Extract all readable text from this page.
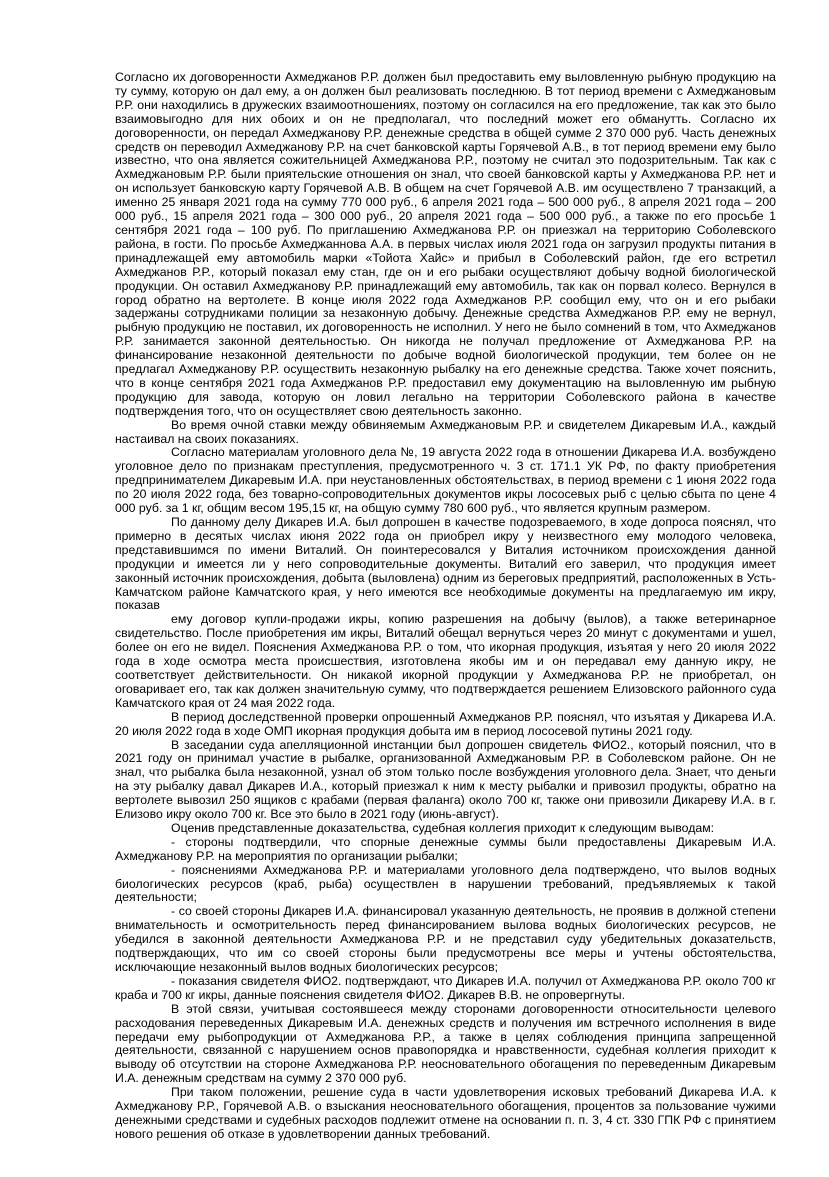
Согласно их договоренности Ахмеджанов Р.Р. должен был предоставить ему выловленную рыбную продукцию на ту сумму, которую он дал ему, а он должен был реализовать последнюю. В тот период времени с Ахмеджановым Р.Р. они находились в дружеских взаимоотношениях, поэтому он согласился на его предложение, так как это было взаимовыгодно для них обоих и он не предполагал, что последний может его обманутть. Согласно их договоренности, он передал Ахмеджанову Р.Р. денежные средства в общей сумме 2 370 000 руб. Часть денежных средств он переводил Ахмеджанову Р.Р. на счет банковской карты Горячевой А.В., в тот период времени ему было известно, что она является сожительницей Ахмеджанова Р.Р., поэтому не считал это подозрительным. Так как с Ахмеджановым Р.Р. были приятельские отношения он знал, что своей банковской карты у Ахмеджанова Р.Р. нет и он использует банковскую карту Горячевой А.В. В общем на счет Горячевой А.В. им осуществлено 7 транзакций, а именно 25 января 2021 года на сумму 770 000 руб., 6 апреля 2021 года – 500 000 руб., 8 апреля 2021 года – 200 000 руб., 15 апреля 2021 года – 300 000 руб., 20 апреля 2021 года – 500 000 руб., а также по его просьбе 1 сентября 2021 года – 100 руб. По приглашению Ахмеджанова Р.Р. он приезжал на территорию Соболевского района, в гости. По просьбе Ахмеджаннова А.А. в первых числах июля 2021 года он загрузил продукты питания в принадлежащей ему автомобиль марки «Тойота Хайс» и прибыл в Соболевский район, где его встретил Ахмеджанов Р.Р., который показал ему стан, где он и его рыбаки осуществляют добычу водной биологической продукции. Он оставил Ахмеджанову Р.Р. принадлежащий ему автомобиль, так как он порвал колесо. Вернулся в город обратно на вертолете. В конце июля 2022 года Ахмеджанов Р.Р. сообщил ему, что он и его рыбаки задержаны сотрудниками полиции за незаконную добычу. Денежные средства Ахмеджанов Р.Р. ему не вернул, рыбную продукцию не поставил, их договоренность не исполнил. У него не было сомнений в том, что Ахмеджанов Р.Р. занимается законной деятельностью. Он никогда не получал предложение от Ахмеджанова Р.Р. на финансирование незаконной деятельности по добыче водной биологической продукции, тем более он не предлагал Ахмеджанову Р.Р. осуществить незаконную рыбалку на его денежные средства. Также хочет пояснить, что в конце сентября 2021 года Ахмеджанов Р.Р. предоставил ему документацию на выловленную им рыбную продукцию для завода, которую он ловил легально на территории Соболевского района в качестве подтверждения того, что он осуществляет свою деятельность законно.

Во время очной ставки между обвиняемым Ахмеджановым Р.Р. и свидетелем Дикаревым И.А., каждый настаивал на своих показаниях.

Согласно материалам уголовного дела №, 19 августа 2022 года в отношении Дикарева И.А. возбуждено уголовное дело по признакам преступления, предусмотренного ч. 3 ст. 171.1 УК РФ, по факту приобретения предпринимателем Дикаревым И.А. при неустановленных обстоятельствах, в период времени с 1 июня 2022 года по 20 июля 2022 года, без товарно-сопроводительных документов икры лососевых рыб с целью сбыта по цене 4 000 руб. за 1 кг, общим весом 195,15 кг, на общую сумму 780 600 руб., что является крупным размером.

По данному делу Дикарев И.А. был допрошен в качестве подозреваемого, в ходе допроса пояснял, что примерно в десятых числах июня 2022 года он приобрел икру у неизвестного ему молодого человека, представившимся по имени Виталий. Он поинтересовался у Виталия источником происхождения данной продукции и имеется ли у него сопроводительные документы. Виталий его заверил, что продукция имеет законный источник происхождения, добыта (выловлена) одним из береговых предприятий, расположенных в Усть-Камчатском районе Камчатского края, у него имеются все необходимые документы на предлагаемую им икру, показав

ему договор купли-продажи икры, копию разрешения на добычу (вылов), а также ветеринарное свидетельство. После приобретения им икры, Виталий обещал вернуться через 20 минут с документами и ушел, более он его не видел. Пояснения Ахмеджанова Р.Р. о том, что икорная продукция, изъятая у него 20 июля 2022 года в ходе осмотра места происшествия, изготовлена якобы им и он передавал ему данную икру, не соответствует действительности. Он никакой икорной продукции у Ахмеджанова Р.Р. не приобретал, он оговаривает его, так как должен значительную сумму, что подтверждается решением Елизовского районного суда Камчатского края от 24 мая 2022 года.

В период доследственной проверки опрошенный Ахмеджанов Р.Р. пояснял, что изъятая у Дикарева И.А. 20 июля 2022 года в ходе ОМП икорная продукция добыта им в период лососевой путины 2021 году.

В заседании суда апелляционной инстанции был допрошен свидетель ФИО2., который пояснил, что в 2021 году он принимал участие в рыбалке, организованной Ахмеджановым Р.Р. в Соболевском районе. Он не знал, что рыбалка была незаконной, узнал об этом только после возбуждения уголовного дела. Знает, что деньги на эту рыбалку давал Дикарев И.А., который приезжал к ним к месту рыбалки и привозил продукты, обратно на вертолете вывозил 250 ящиков с крабами (первая фаланга) около 700 кг, также они привозили Дикареву И.А. в г. Елизово икру около 700 кг. Все это было в 2021 году (июнь-август).

Оценив представленные доказательства, судебная коллегия приходит к следующим выводам:

- стороны подтвердили, что спорные денежные суммы были предоставлены Дикаревым И.А. Ахмеджанову Р.Р. на мероприятия по организации рыбалки;

- пояснениями Ахмеджанова Р.Р. и материалами уголовного дела подтверждено, что вылов водных биологических ресурсов (краб, рыба) осуществлен в нарушении требований, предъявляемых к такой деятельности;

- со своей стороны Дикарев И.А. финансировал указанную деятельность, не проявив в должной степени внимательность и осмотрительность перед финансированием вылова водных биологических ресурсов, не убедился в законной деятельности Ахмеджанова Р.Р. и не представил суду убедительных доказательств, подтверждающих, что им со своей стороны были предусмотрены все меры и учтены обстоятельства, исключающие незаконный вылов водных биологических ресурсов;

- показания свидетеля ФИО2. подтверждают, что Дикарев И.А. получил от Ахмеджанова Р.Р. около 700 кг краба и 700 кг икры, данные пояснения свидетеля ФИО2. Дикарев В.В. не опровергнуты.

В этой связи, учитывая состоявшееся между сторонами договоренности относительности целевого расходования переведенных Дикаревым И.А. денежных средств и получения им встречного исполнения в виде передачи ему рыбопродукции от Ахмеджанова Р.Р., а также в целях соблюдения принципа запрещенной деятельности, связанной с нарушением основ правопорядка и нравственности, судебная коллегия приходит к выводу об отсутствии на стороне Ахмеджанова Р.Р. неосновательного обогащения по переведенным Дикаревым И.А. денежным средствам на сумму 2 370 000 руб.

При таком положении, решение суда в части удовлетворения исковых требований Дикарева И.А. к Ахмеджанову Р.Р., Горячевой А.В. о взыскания неосновательного обогащения, процентов за пользование чужими денежными средствами и судебных расходов подлежит отмене на основании п. п. 3, 4 ст. 330 ГПК РФ с принятием нового решения об отказе в удовлетворении данных требований.
